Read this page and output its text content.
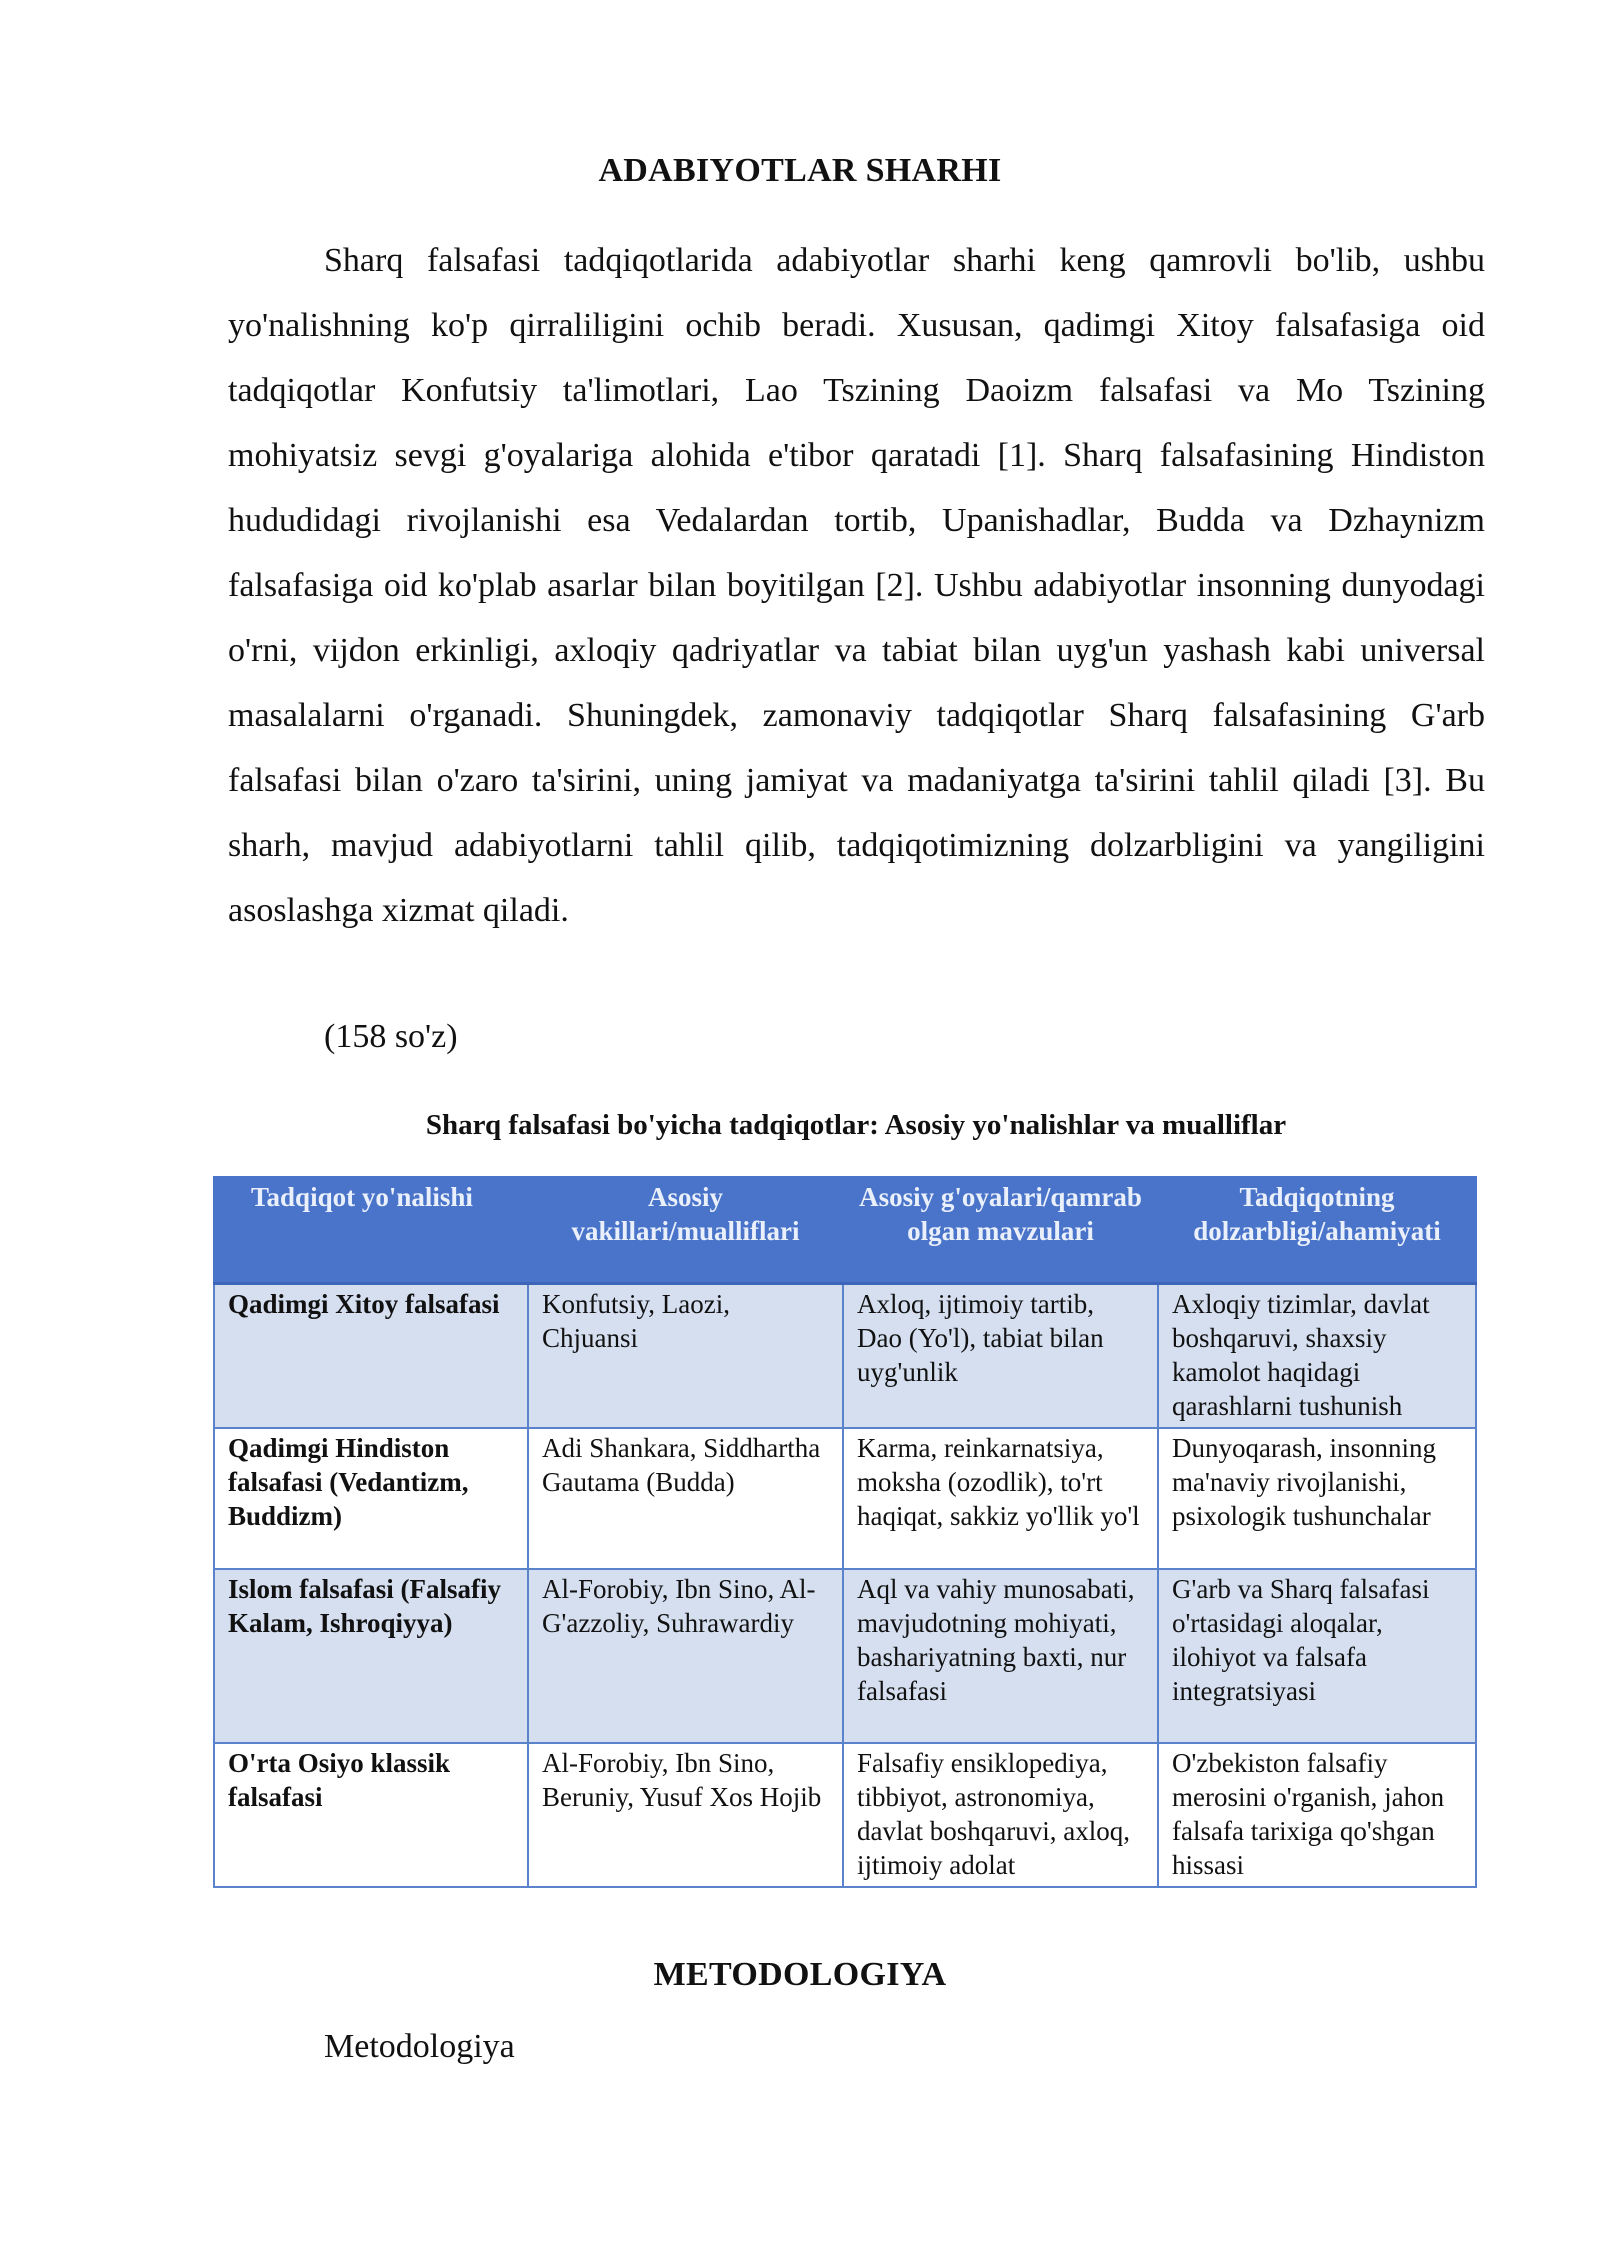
ADABIYOTLAR SHARHI

Sharq falsafasi tadqiqotlarida adabiyotlar sharhi keng qamrovli bo'lib, ushbu yo'nalishning ko'p qirraliligini ochib beradi. Xususan, qadimgi Xitoy falsafasiga oid tadqiqotlar Konfutsiy ta'limotlari, Lao Tszining Daoizm falsafasi va Mo Tszining mohiyatsiz sevgi g'oyalariga alohida e'tibor qaratadi [1]. Sharq falsafasining Hindiston hududidagi rivojlanishi esa Vedalardan tortib, Upanishadlar, Budda va Dzhaynizm falsafasiga oid ko'plab asarlar bilan boyitilgan [2]. Ushbu adabiyotlar insonning dunyodagi o'rni, vijdon erkinligi, axloqiy qadriyatlar va tabiat bilan uyg'un yashash kabi universal masalalarni o'rganadi. Shuningdek, zamonaviy tadqiqotlar Sharq falsafasining G'arb falsafasi bilan o'zaro ta'sirini, uning jamiyat va madaniyatga ta'sirini tahlil qiladi [3]. Bu sharh, mavjud adabiyotlarni tahlil qilib, tadqiqotimizning dolzarbligini va yangiligini asoslashga xizmat qiladi.

(158 so'z)
Sharq falsafasi bo'yicha tadqiqotlar: Asosiy yo'nalishlar va mualliflar
Tadqiqot yo'nalishi	Asosiy vakillari/mualliflari	Asosiy g'oyalari/qamrab olgan mavzulari	Tadqiqotning dolzarbligi/ahamiyati
Qadimgi Xitoy falsafasi	Konfutsiy, Laozi, Chjuansi	Axloq, ijtimoiy tartib, Dao (Yo'l), tabiat bilan uyg'unlik	Axloqiy tizimlar, davlat boshqaruvi, shaxsiy kamolot haqidagi qarashlarni tushunish
Qadimgi Hindiston falsafasi (Vedantizm, Buddizm)	Adi Shankara, Siddhartha Gautama (Budda)	Karma, reinkarnatsiya, moksha (ozodlik), to'rt haqiqat, sakkiz yo'llik yo'l	Dunyoqarash, insonning ma'naviy rivojlanishi, psixologik tushunchalar
Islom falsafasi (Falsafiy Kalam, Ishroqiyya)	Al-Forobiy, Ibn Sino, Al-G'azzoliy, Suhrawardiy	Aql va vahiy munosabati, mavjudotning mohiyati, bashariyatning baxti, nur falsafasi	G'arb va Sharq falsafasi o'rtasidagi aloqalar, ilohiyot va falsafa integratsiyasi
O'rta Osiyo klassik falsafasi	Al-Forobiy, Ibn Sino, Beruniy, Yusuf Xos Hojib	Falsafiy ensiklopediya, tibbiyot, astronomiya, davlat boshqaruvi, axloq, ijtimoiy adolat	O'zbekiston falsafiy merosini o'rganish, jahon falsafa tarixiga qo'shgan hissasi
METODOLOGIYA
Metodologiya
